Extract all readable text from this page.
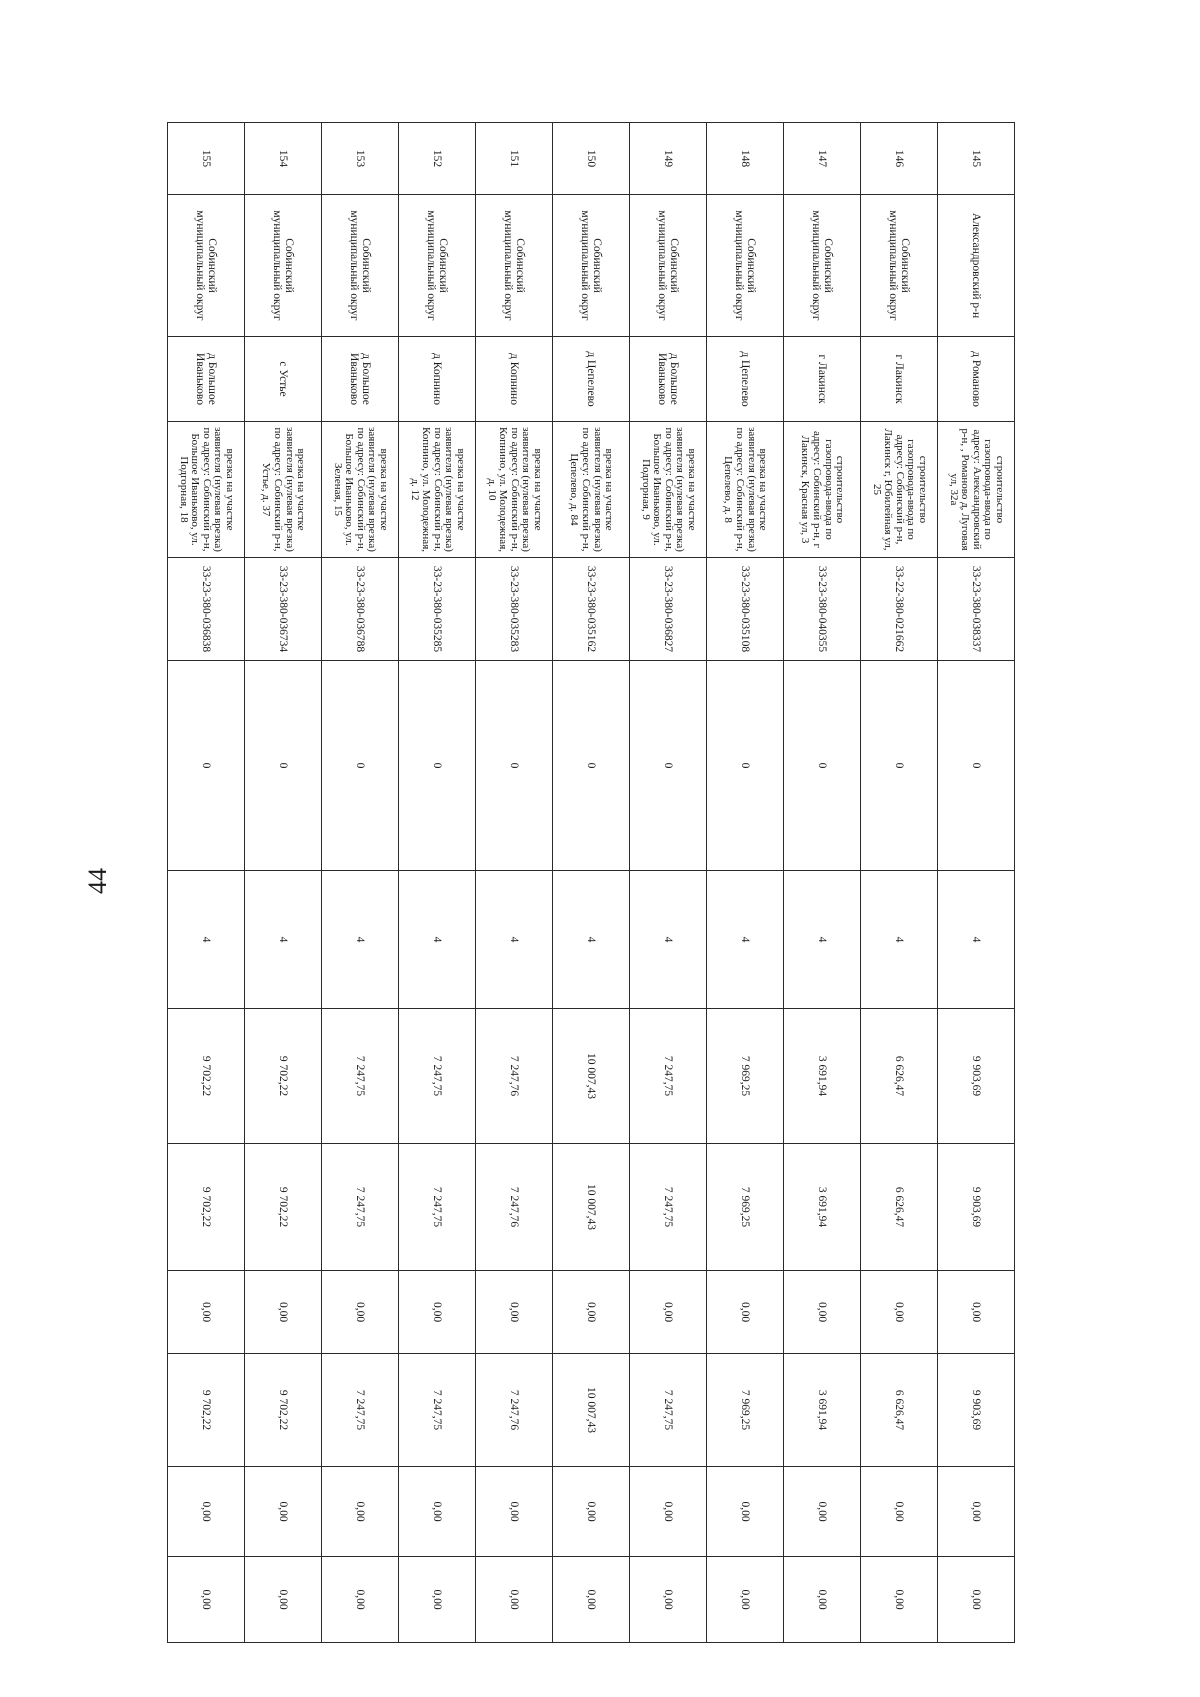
44
145	Александровский р-н	д Романово	строительство газопровода-ввода по адресу: Александровский р-н, , Романово д, Луговая ул, 32а	33-23-380-038337	0	4	9 903,69	9 903,69	0,00	9 903,69	0,00	0,00
146	Собинский муниципальный округ	г Лакинск	строительство газопровода-ввода по адресу: Собинский р-н, Лакинск г, Юбилейная ул, 25	33-22-380-021662	0	4	6 626,47	6 626,47	0,00	6 626,47	0,00	0,00
147	Собинский муниципальный округ	г Лакинск	строительство газопровода-ввода по адресу: Собинский р-н, г Лакинск, Красная ул, 3	33-23-380-040355	0	4	3 691,94	3 691,94	0,00	3 691,94	0,00	0,00
148	Собинский муниципальный округ	д Цепелево	врезка на участке заявителя (нулевая врезка) по адресу: Собинский р-н, Цепелево, д. 8	33-23-380-035108	0	4	7 969,25	7 969,25	0,00	7 969,25	0,00	0,00
149	Собинский муниципальный округ	д Большое Иваньково	врезка на участке заявителя (нулевая врезка) по адресу: Собинский р-н, Большое Иваньково, ул. Подгорная, 9	33-23-380-036827	0	4	7 247,75	7 247,75	0,00	7 247,75	0,00	0,00
150	Собинский муниципальный округ	д Цепелево	врезка на участке заявителя (нулевая врезка) по адресу: Собинский р-н, Цепелево, д. 84	33-23-380-035162	0	4	10 007,43	10 007,43	0,00	10 007,43	0,00	0,00
151	Собинский муниципальный округ	д Копнино	врезка на участке заявителя (нулевая врезка) по адресу: Собинский р-н, Копнино, ул. Молодежная, д. 10	33-23-380-035283	0	4	7 247,76	7 247,76	0,00	7 247,76	0,00	0,00
152	Собинский муниципальный округ	д Копнино	врезка на участке заявителя (нулевая врезка) по адресу: Собинский р-н, Копнино, ул. Молодежная, д. 12	33-23-380-035285	0	4	7 247,75	7 247,75	0,00	7 247,75	0,00	0,00
153	Собинский муниципальный округ	д Большое Иваньково	врезка на участке заявителя (нулевая врезка) по адресу: Собинский р-н, Большое Иваньково, ул. Зеленая, 15	33-23-380-036788	0	4	7 247,75	7 247,75	0,00	7 247,75	0,00	0,00
154	Собинский муниципальный округ	с Устье	врезка на участке заявителя (нулевая врезка) по адресу: Собинский р-н, Устье, д. 37	33-23-380-036734	0	4	9 702,22	9 702,22	0,00	9 702,22	0,00	0,00
155	Собинский муниципальный округ	д Большое Иваньково	врезка на участке заявителя (нулевая врезка) по адресу: Собинский р-н, Большое Иваньково, ул. Подгорная, 18	33-23-380-036838	0	4	9 702,22	9 702,22	0,00	9 702,22	0,00	0,00
